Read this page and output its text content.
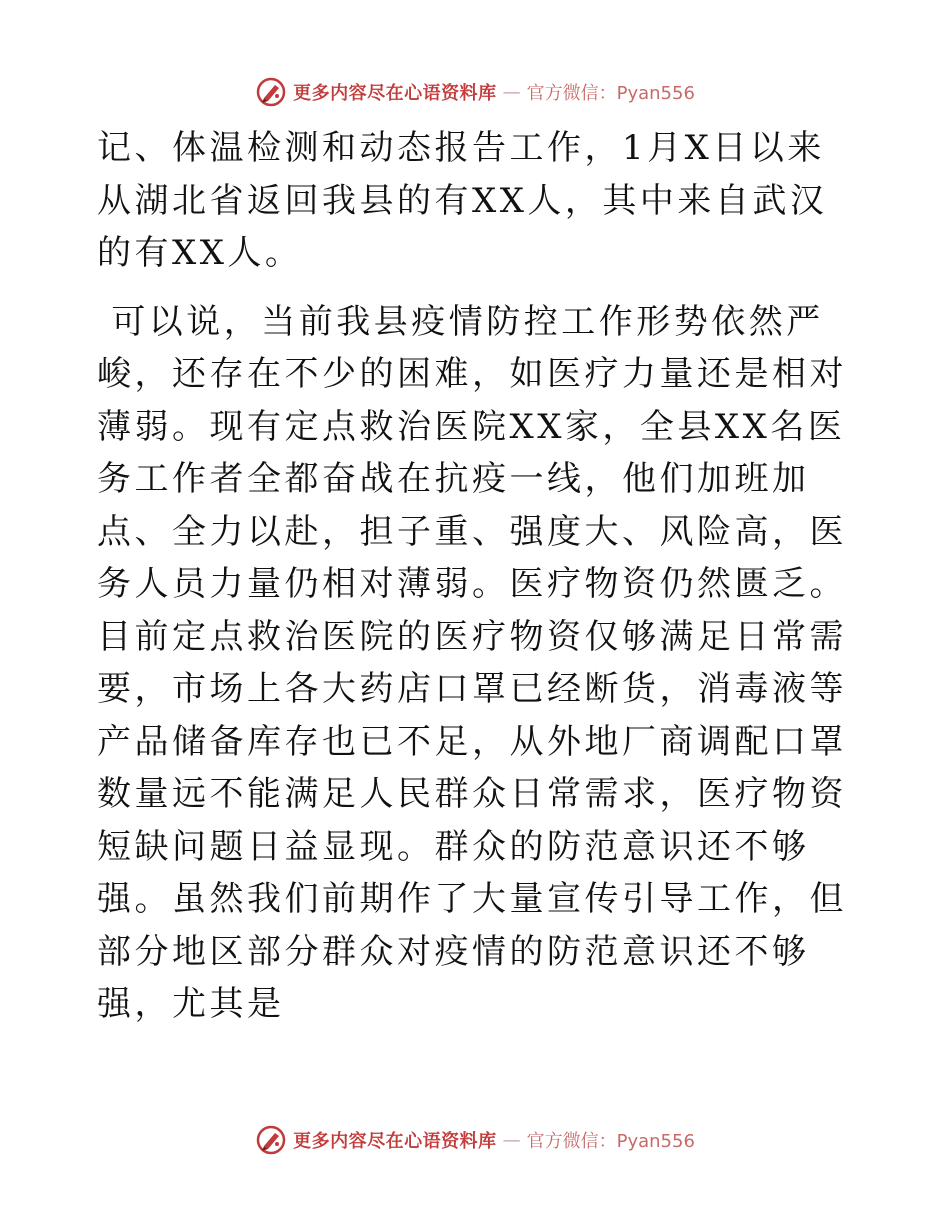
更多内容尽在心语资料库 — 官方微信：Pyan556

记、体温检测和动态报告工作，1月X日以来从湖北省返回我县的有XX人，其中来自武汉的有XX人。

可以说，当前我县疫情防控工作形势依然严峻，还存在不少的困难，如医疗力量还是相对薄弱。现有定点救治医院XX家，全县XX名医务工作者全都奋战在抗疫一线，他们加班加点、全力以赴，担子重、强度大、风险高，医务人员力量仍相对薄弱。医疗物资仍然匮乏。目前定点救治医院的医疗物资仅够满足日常需要，市场上各大药店口罩已经断货，消毒液等产品储备库存也已不足，从外地厂商调配口罩数量远不能满足人民群众日常需求，医疗物资短缺问题日益显现。群众的防范意识还不够强。虽然我们前期作了大量宣传引导工作，但部分地区部分群众对疫情的防范意识还不够强，尤其是

更多内容尽在心语资料库 — 官方微信：Pyan556
